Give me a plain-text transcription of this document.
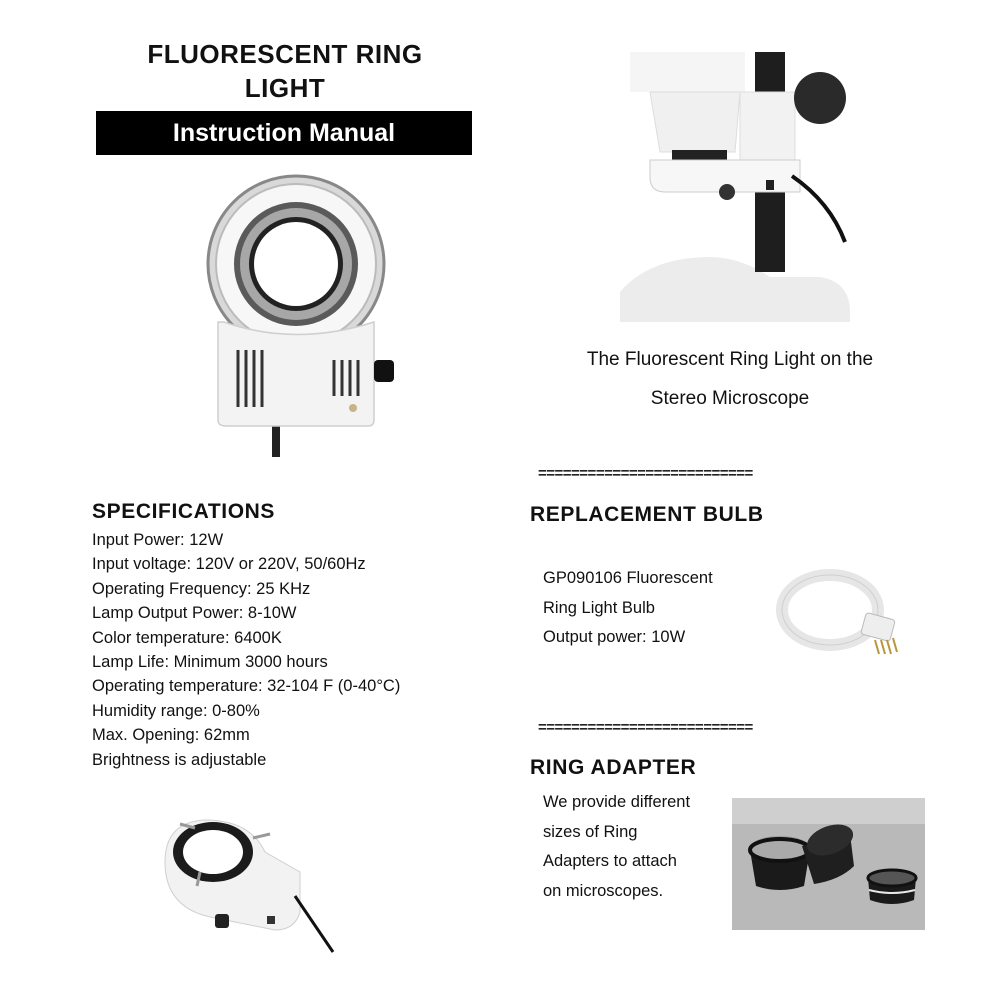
FLUORESCENT RING
LIGHT
Instruction Manual
The Fluorescent Ring Light on the
Stereo Microscope
==========================
SPECIFICATIONS
Input Power: 12W
Input voltage: 120V or 220V, 50/60Hz
Operating Frequency: 25 KHz
Lamp Output Power: 8-10W
Color temperature: 6400K
Lamp Life: Minimum 3000 hours
Operating temperature: 32-104 F (0-40°C)
Humidity range: 0-80%
Max. Opening: 62mm
Brightness is adjustable
REPLACEMENT BULB
GP090106 Fluorescent
Ring Light Bulb
Output power: 10W
==========================
RING ADAPTER
We provide different
sizes of Ring
Adapters to attach
on microscopes.
